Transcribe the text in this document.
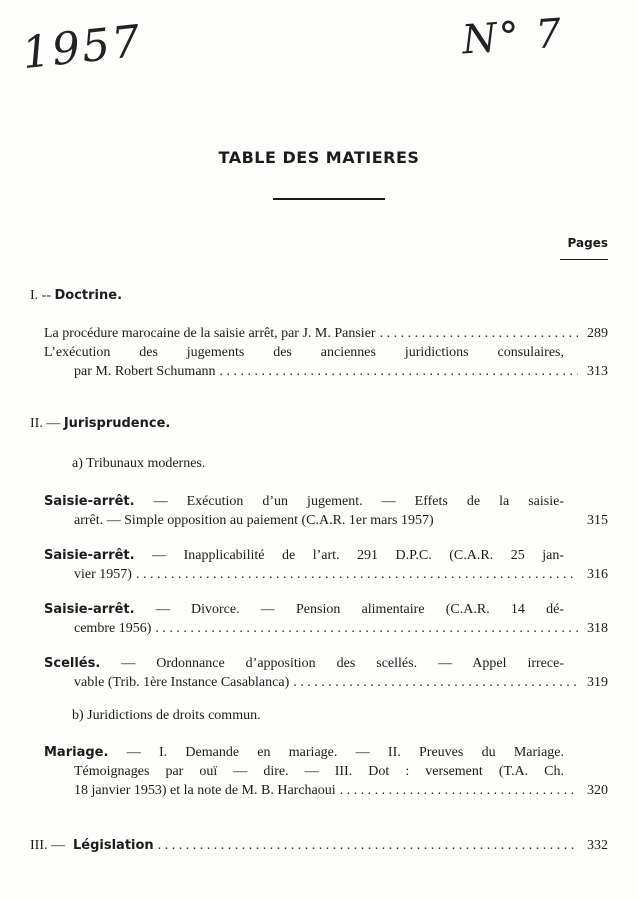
1957	N° 7
TABLE DES MATIERES
Pages
I. -- Doctrine.
La procédure marocaine de la saisie arrêt, par J. M. Pansier . . .	289
L’exécution des jugements des anciennes juridictions consulaires,
par M. Robert Schumann . . .	313
II. — Jurisprudence.
a) Tribunaux modernes.
Saisie-arrêt. — Exécution d’un jugement. — Effets de la saisie-
arrêt. — Simple opposition au paiement (C.A.R. 1er mars 1957)	315
Saisie-arrêt. — Inapplicabilité de l’art. 291 D.P.C. (C.A.R. 25 jan-
vier 1957) . . .	316
Saisie-arrêt. — Divorce. — Pension alimentaire (C.A.R. 14 dé-
cembre 1956) . . .	318
Scellés. — Ordonnance d’apposition des scellés. — Appel irrece-
vable (Trib. 1ère Instance Casablanca) . . .	319
b) Juridictions de droits commun.
Mariage. — I. Demande en mariage. — II. Preuves du Mariage.
Témoignages par ouï — dire. — III. Dot : versement (T.A. Ch.
18 janvier 1953) et la note de M. B. Harchaoui . . .	320
III. — Législation . . .	332
